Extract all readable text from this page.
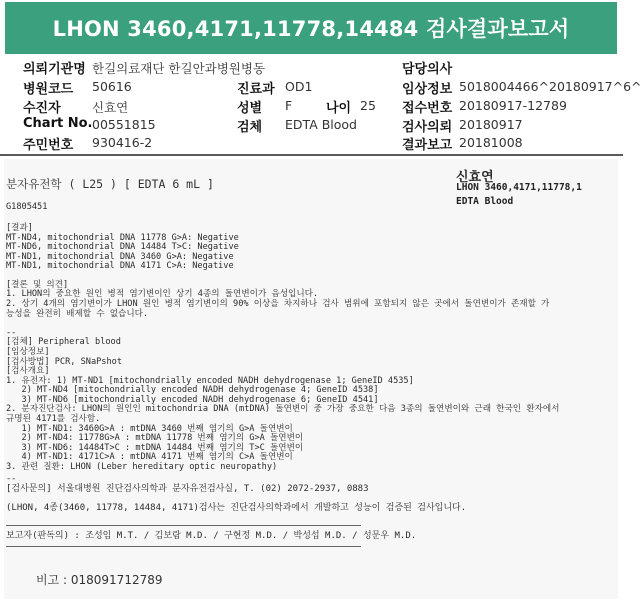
LHON 3460,4171,11778,14484 검사결과보고서
의뢰기관명 한길의료재단 한길안과병원병동
병원코드 50616
수진자	신효연
Chart No. 00551815
주민번호 930416-2
진료과 OD1
성별 F	나이 25
검체 EDTA Blood
담당의사
임상정보 5018004466^20180917^6^
접수번호 20180917-12789
검사의뢰 20180917
결과보고 20181008
분자유전학 ( L25 ) [ EDTA 6 mL ]	신효연
LHON 3460,4171,11778,1
EDTA Blood
G1805451
[결과]
MT-ND4, mitochondrial DNA 11778 G>A: Negative
MT-ND6, mitochondrial DNA 14484 T>C: Negative
MT-ND1, mitochondrial DNA 3460 G>A: Negative
MT-ND1, mitochondrial DNA 4171 C>A: Negative
[결론 및 의견]
1. LHON의 중요한 원인 병적 염기변이인 상기 4종의 돌연변이가 음성입니다.
2. 상기 4개의 염기변이가 LHON 원인 병적 염기변이의 90% 이상을 차지하나 검사 범위에 포함되지 않은 곳에서 돌연변이가 존재할 가
능성을 완전히 배제할 수 없습니다.
--
[검체] Peripheral blood
[임상정보]
[검사방법] PCR, SNaPshot
[검사개요]
1. 유전자: 1) MT-ND1 [mitochondrially encoded NADH dehydrogenase 1; GeneID 4535]
2) MT-ND4 [mitochondrially encoded NADH dehydrogenase 4; GeneID 4538]
3) MT-ND6 [mitochondrially encoded NADH dehydrogenase 6; GeneID 4541]
2. 분자진단검사: LHON의 원인인 mitochondria DNA (mtDNA) 돌연변이 중 가장 중요한 다음 3종의 돌연변이와 근래 한국인 환자에서
규명된 4171를 검사함.
1) MT-ND1: 3460G>A : mtDNA 3460 번째 염기의 G>A 돌연변이
2) MT-ND4: 11778G>A : mtDNA 11778 번째 염기의 G>A 돌연변이
3) MT-ND6: 14484T>C : mtDNA 14484 번째 염기의 T>C 돌연변이
4) MT-ND1: 4171C>A : mtDNA 4171 번째 염기의 C>A 돌연변이
3. 관련 질환: LHON (Leber hereditary optic neuropathy)
--
[검사문의] 서울대병원 진단검사의학과 분자유전검사실, T. (02) 2072-2937, 0883
(LHON, 4종(3460, 11778, 14484, 4171)검사는 진단검사의학과에서 개발하고 성능이 검증된 검사입니다.
보고자(판독의) : 조성임 M.T. / 김보람 M.D. / 구현정 M.D. / 박성섭 M.D. / 성문우 M.D.
비고 : 018091712789
